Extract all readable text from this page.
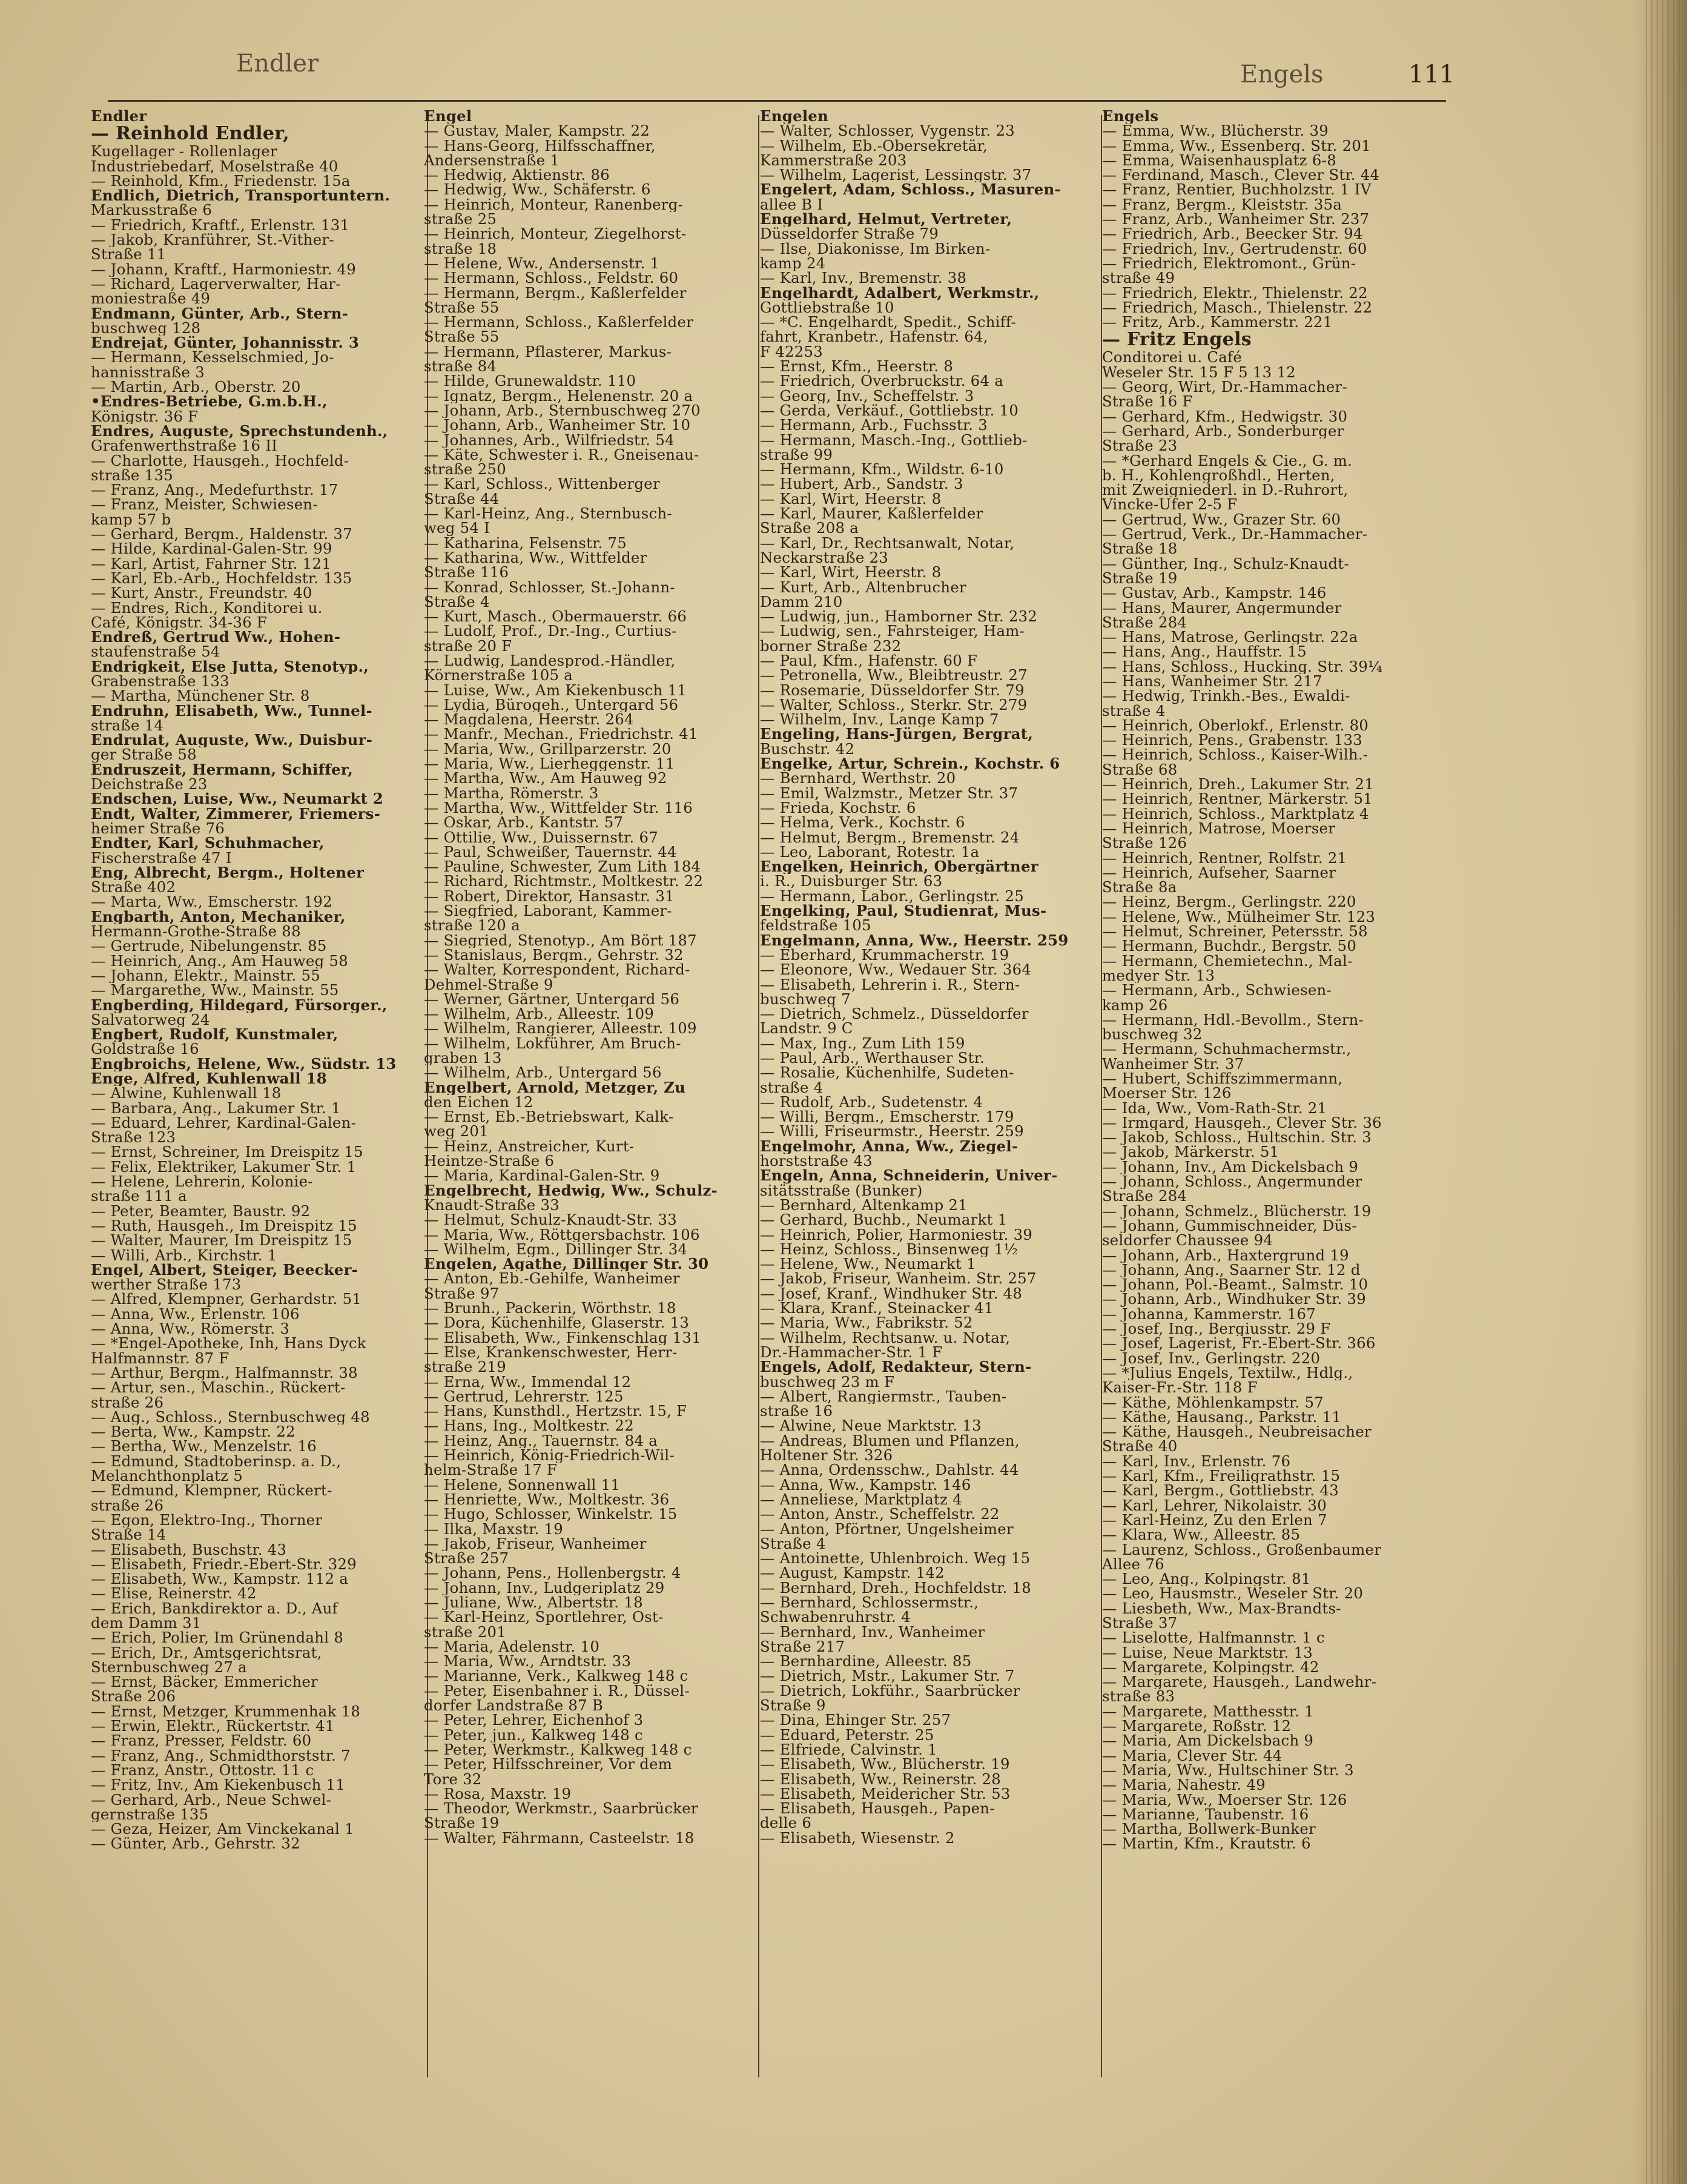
Endler	Engels	111
Endler
— Reinhold Endler,
Kugellager - Rollenlager
Industriebedarf, Moselstraße 40
— Reinhold, Kfm., Friedenstr. 15a
Endlich, Dietrich, Transportuntern.
Markusstraße 6
— Friedrich, Kraftf., Erlenstr. 131
— Jakob, Kranführer, St.-Vither-
Straße 11
— Johann, Kraftf., Harmoniestr. 49
— Richard, Lagerverwalter, Har-
moniestraße 49
Endmann, Günter, Arb., Stern-
buschweg 128
Endrejat, Günter, Johannisstr. 3
— Hermann, Kesselschmied, Jo-
hannisstraße 3
— Martin, Arb., Oberstr. 20
•Endres-Betriebe, G.m.b.H.,
Königstr. 36 F
Endres, Auguste, Sprechstundenh.,
Grafenwerthstraße 16 II
— Charlotte, Hausgeh., Hochfeld-
straße 135
— Franz, Ang., Medefurthstr. 17
— Franz, Meister, Schwiesen-
kamp 57 b
— Gerhard, Bergm., Haldenstr. 37
— Hilde, Kardinal-Galen-Str. 99
— Karl, Artist, Fahrner Str. 121
— Karl, Eb.-Arb., Hochfeldstr. 135
— Kurt, Anstr., Freundstr. 40
— Endres, Rich., Konditorei u.
Café, Königstr. 34-36 F
Endreß, Gertrud Ww., Hohen-
staufenstraße 54
Endrigkeit, Else Jutta, Stenotyp.,
Grabenstraße 133
— Martha, Münchener Str. 8
Endruhn, Elisabeth, Ww., Tunnel-
straße 14
Endrulat, Auguste, Ww., Duisbur-
ger Straße 58
Endruszeit, Hermann, Schiffer,
Deichstraße 23
Endschen, Luise, Ww., Neumarkt 2
Endt, Walter, Zimmerer, Friemers-
heimer Straße 76
Endter, Karl, Schuhmacher,
Fischerstraße 47 I
Eng, Albrecht, Bergm., Holtener
Straße 402
— Marta, Ww., Emscherstr. 192
Engbarth, Anton, Mechaniker,
Hermann-Grothe-Straße 88
— Gertrude, Nibelungenstr. 85
— Heinrich, Ang., Am Hauweg 58
— Johann, Elektr., Mainstr. 55
— Margarethe, Ww., Mainstr. 55
Engberding, Hildegard, Fürsorger.,
Salvatorweg 24
Engbert, Rudolf, Kunstmaler,
Goldstraße 16
Engbroichs, Helene, Ww., Südstr. 13
Enge, Alfred, Kuhlenwall 18
— Alwine, Kuhlenwall 18
— Barbara, Ang., Lakumer Str. 1
— Eduard, Lehrer, Kardinal-Galen-
Straße 123
— Ernst, Schreiner, Im Dreispitz 15
— Felix, Elektriker, Lakumer Str. 1
— Helene, Lehrerin, Kolonie-
straße 111 a
— Peter, Beamter, Baustr. 92
— Ruth, Hausgeh., Im Dreispitz 15
— Walter, Maurer, Im Dreispitz 15
— Willi, Arb., Kirchstr. 1
Engel, Albert, Steiger, Beecker-
werther Straße 173
— Alfred, Klempner, Gerhardstr. 51
— Anna, Ww., Erlenstr. 106
— Anna, Ww., Römerstr. 3
— *Engel-Apotheke, Inh, Hans Dyck
Halfmannstr. 87 F
— Arthur, Bergm., Halfmannstr. 38
— Artur, sen., Maschin., Rückert-
straße 26
— Aug., Schloss., Sternbuschweg 48
— Berta, Ww., Kampstr. 22
— Bertha, Ww., Menzelstr. 16
— Edmund, Stadtoberinsp. a. D.,
Melanchthonplatz 5
— Edmund, Klempner, Rückert-
straße 26
— Egon, Elektro-Ing., Thorner
Straße 14
— Elisabeth, Buschstr. 43
— Elisabeth, Friedr.-Ebert-Str. 329
— Elisabeth, Ww., Kampstr. 112 a
— Elise, Reinerstr. 42
— Erich, Bankdirektor a. D., Auf
dem Damm 31
— Erich, Polier, Im Grünendahl 8
— Erich, Dr., Amtsgerichtsrat,
Sternbuschweg 27 a
— Ernst, Bäcker, Emmericher
Straße 206
— Ernst, Metzger, Krummenhak 18
— Erwin, Elektr., Rückertstr. 41
— Franz, Presser, Feldstr. 60
— Franz, Ang., Schmidthorststr. 7
— Franz, Anstr., Ottostr. 11 c
— Fritz, Inv., Am Kiekenbusch 11
— Gerhard, Arb., Neue Schwel-
gernstraße 135
— Geza, Heizer, Am Vinckekanal 1
— Günter, Arb., Gehrstr. 32
Engel
— Gustav, Maler, Kampstr. 22
— Hans-Georg, Hilfsschaffner,
Andersenstraße 1
— Hedwig, Aktienstr. 86
— Hedwig, Ww., Schäferstr. 6
— Heinrich, Monteur, Ranenberg-
straße 25
— Heinrich, Monteur, Ziegelhorst-
straße 18
— Helene, Ww., Andersenstr. 1
— Hermann, Schloss., Feldstr. 60
— Hermann, Bergm., Kaßlerfelder
Straße 55
— Hermann, Schloss., Kaßlerfelder
Straße 55
— Hermann, Pflasterer, Markus-
straße 84
— Hilde, Grunewaldstr. 110
— Ignatz, Bergm., Helenenstr. 20 a
— Johann, Arb., Sternbuschweg 270
— Johann, Arb., Wanheimer Str. 10
— Johannes, Arb., Wilfriedstr. 54
— Käte, Schwester i. R., Gneisenau-
straße 250
— Karl, Schloss., Wittenberger
Straße 44
— Karl-Heinz, Ang., Sternbusch-
weg 54 I
— Katharina, Felsenstr. 75
— Katharina, Ww., Wittfelder
Straße 116
— Konrad, Schlosser, St.-Johann-
Straße 4
— Kurt, Masch., Obermauerstr. 66
— Ludolf, Prof., Dr.-Ing., Curtius-
straße 20 F
— Ludwig, Landesprod.-Händler,
Körnerstraße 105 a
— Luise, Ww., Am Kiekenbusch 11
— Lydia, Bürogeh., Untergard 56
— Magdalena, Heerstr. 264
— Manfr., Mechan., Friedrichstr. 41
— Maria, Ww., Grillparzerstr. 20
— Maria, Ww., Lierheggenstr. 11
— Martha, Ww., Am Hauweg 92
— Martha, Römerstr. 3
— Martha, Ww., Wittfelder Str. 116
— Oskar, Arb., Kantstr. 57
— Ottilie, Ww., Duissernstr. 67
— Paul, Schweißer, Tauernstr. 44
— Pauline, Schwester, Zum Lith 184
— Richard, Richtmstr., Moltkestr. 22
— Robert, Direktor, Hansastr. 31
— Siegfried, Laborant, Kammer-
straße 120 a
— Siegried, Stenotyp., Am Bört 187
— Stanislaus, Bergm., Gehrstr. 32
— Walter, Korrespondent, Richard-
Dehmel-Straße 9
— Werner, Gärtner, Untergard 56
— Wilhelm, Arb., Alleestr. 109
— Wilhelm, Rangierer, Alleestr. 109
— Wilhelm, Lokführer, Am Bruch-
graben 13
— Wilhelm, Arb., Untergard 56
Engelbert, Arnold, Metzger, Zu
den Eichen 12
— Ernst, Eb.-Betriebswart, Kalk-
weg 201
— Heinz, Anstreicher, Kurt-
Heintze-Straße 6
— Maria, Kardinal-Galen-Str. 9
Engelbrecht, Hedwig, Ww., Schulz-
Knaudt-Straße 33
— Helmut, Schulz-Knaudt-Str. 33
— Maria, Ww., Röttgersbachstr. 106
— Wilhelm, Egm., Dillinger Str. 34
Engelen, Agathe, Dillinger Str. 30
— Anton, Eb.-Gehilfe, Wanheimer
Straße 97
— Brunh., Packerin, Wörthstr. 18
— Dora, Küchenhilfe, Glaserstr. 13
— Elisabeth, Ww., Finkenschlag 131
— Else, Krankenschwester, Herr-
straße 219
— Erna, Ww., Immendal 12
— Gertrud, Lehrerstr. 125
— Hans, Kunsthdl., Hertzstr. 15, F
— Hans, Ing., Moltkestr. 22
— Heinz, Ang., Tauernstr. 84 a
— Heinrich, König-Friedrich-Wil-
helm-Straße 17 F
— Helene, Sonnenwall 11
— Henriette, Ww., Moltkestr. 36
— Hugo, Schlosser, Winkelstr. 15
— Ilka, Maxstr. 19
— Jakob, Friseur, Wanheimer
Straße 257
— Johann, Pens., Hollenbergstr. 4
— Johann, Inv., Ludgeriplatz 29
— Juliane, Ww., Albertstr. 18
— Karl-Heinz, Sportlehrer, Ost-
straße 201
— Maria, Adelenstr. 10
— Maria, Ww., Arndtstr. 33
— Marianne, Verk., Kalkweg 148 c
— Peter, Eisenbahner i. R., Düssel-
dorfer Landstraße 87 B
— Peter, Lehrer, Eichenhof 3
— Peter, jun., Kalkweg 148 c
— Peter, Werkmstr., Kalkweg 148 c
— Peter, Hilfsschreiner, Vor dem
Tore 32
— Rosa, Maxstr. 19
— Theodor, Werkmstr., Saarbrücker
Straße 19
— Walter, Fährmann, Casteelstr. 18
Engelen
— Walter, Schlosser, Vygenstr. 23
— Wilhelm, Eb.-Obersekretär,
Kammerstraße 203
— Wilhelm, Lagerist, Lessingstr. 37
Engelert, Adam, Schloss., Masuren-
allee B I
Engelhard, Helmut, Vertreter,
Düsseldorfer Straße 79
— Ilse, Diakonisse, Im Birken-
kamp 24
— Karl, Inv., Bremenstr. 38
Engelhardt, Adalbert, Werkmstr.,
Gottliebstraße 10
— *C. Engelhardt, Spedit., Schiff-
fahrt, Kranbetr., Hafenstr. 64,
F 42253
— Ernst, Kfm., Heerstr. 8
— Friedrich, Overbruckstr. 64 a
— Georg, Inv., Scheffelstr. 3
— Gerda, Verkäuf., Gottliebstr. 10
— Hermann, Arb., Fuchsstr. 3
— Hermann, Masch.-Ing., Gottlieb-
straße 99
— Hermann, Kfm., Wildstr. 6-10
— Hubert, Arb., Sandstr. 3
— Karl, Wirt, Heerstr. 8
— Karl, Maurer, Kaßlerfelder
Straße 208 a
— Karl, Dr., Rechtsanwalt, Notar,
Neckarstraße 23
— Karl, Wirt, Heerstr. 8
— Kurt, Arb., Altenbrucher
Damm 210
— Ludwig, jun., Hamborner Str. 232
— Ludwig, sen., Fahrsteiger, Ham-
borner Straße 232
— Paul, Kfm., Hafenstr. 60 F
— Petronella, Ww., Bleibtreustr. 27
— Rosemarie, Düsseldorfer Str. 79
— Walter, Schloss., Sterkr. Str. 279
— Wilhelm, Inv., Lange Kamp 7
Engeling, Hans-Jürgen, Bergrat,
Buschstr. 42
Engelke, Artur, Schrein., Kochstr. 6
— Bernhard, Werthstr. 20
— Emil, Walzmstr., Metzer Str. 37
— Frieda, Kochstr. 6
— Helma, Verk., Kochstr. 6
— Helmut, Bergm., Bremenstr. 24
— Leo, Laborant, Rotestr. 1a
Engelken, Heinrich, Obergärtner
i. R., Duisburger Str. 63
— Hermann, Labor., Gerlingstr. 25
Engelking, Paul, Studienrat, Mus-
feldstraße 105
Engelmann, Anna, Ww., Heerstr. 259
— Eberhard, Krummacherstr. 19
— Eleonore, Ww., Wedauer Str. 364
— Elisabeth, Lehrerin i. R., Stern-
buschweg 7
— Dietrich, Schmelz., Düsseldorfer
Landstr. 9 C
— Max, Ing., Zum Lith 159
— Paul, Arb., Werthauser Str.
— Rosalie, Küchenhilfe, Sudeten-
straße 4
— Rudolf, Arb., Sudetenstr. 4
— Willi, Bergm., Emscherstr. 179
— Willi, Friseurmstr., Heerstr. 259
Engelmohr, Anna, Ww., Ziegel-
horststraße 43
Engeln, Anna, Schneiderin, Univer-
sitätsstraße (Bunker)
— Bernhard, Altenkamp 21
— Gerhard, Buchb., Neumarkt 1
— Heinrich, Polier, Harmoniestr. 39
— Heinz, Schloss., Binsenweg 1½
— Helene, Ww., Neumarkt 1
— Jakob, Friseur, Wanheim. Str. 257
— Josef, Kranf., Windhuker Str. 48
— Klara, Kranf., Steinacker 41
— Maria, Ww., Fabrikstr. 52
— Wilhelm, Rechtsanw. u. Notar,
Dr.-Hammacher-Str. 1 F
Engels, Adolf, Redakteur, Stern-
buschweg 23 m F
— Albert, Rangiermstr., Tauben-
straße 16
— Alwine, Neue Marktstr. 13
— Andreas, Blumen und Pflanzen,
Holtener Str. 326
— Anna, Ordensschw., Dahlstr. 44
— Anna, Ww., Kampstr. 146
— Anneliese, Marktplatz 4
— Anton, Anstr., Scheffelstr. 22
— Anton, Pförtner, Ungelsheimer
Straße 4
— Antoinette, Uhlenbroich. Weg 15
— August, Kampstr. 142
— Bernhard, Dreh., Hochfeldstr. 18
— Bernhard, Schlossermstr.,
Schwabenruhrstr. 4
— Bernhard, Inv., Wanheimer
Straße 217
— Bernhardine, Alleestr. 85
— Dietrich, Mstr., Lakumer Str. 7
— Dietrich, Lokführ., Saarbrücker
Straße 9
— Dina, Ehinger Str. 257
— Eduard, Peterstr. 25
— Elfriede, Calvinstr. 1
— Elisabeth, Ww., Blücherstr. 19
— Elisabeth, Ww., Reinerstr. 28
— Elisabeth, Meidericher Str. 53
— Elisabeth, Hausgeh., Papen-
delle 6
— Elisabeth, Wiesenstr. 2
Engels
— Emma, Ww., Blücherstr. 39
— Emma, Ww., Essenberg. Str. 201
— Emma, Waisenhausplatz 6-8
— Ferdinand, Masch., Clever Str. 44
— Franz, Rentier, Buchholzstr. 1 IV
— Franz, Bergm., Kleiststr. 35a
— Franz, Arb., Wanheimer Str. 237
— Friedrich, Arb., Beecker Str. 94
— Friedrich, Inv., Gertrudenstr. 60
— Friedrich, Elektromont., Grün-
straße 49
— Friedrich, Elektr., Thielenstr. 22
— Friedrich, Masch., Thielenstr. 22
— Fritz, Arb., Kammerstr. 221
— Fritz Engels
Conditorei u. Café
Weseler Str. 15 F 5 13 12
— Georg, Wirt, Dr.-Hammacher-
Straße 16 F
— Gerhard, Kfm., Hedwigstr. 30
— Gerhard, Arb., Sonderburger
Straße 23
— *Gerhard Engels & Cie., G. m.
b. H., Kohlengroßhdl., Herten,
mit Zweigniederl. in D.-Ruhrort,
Vincke-Ufer 2-5 F
— Gertrud, Ww., Grazer Str. 60
— Gertrud, Verk., Dr.-Hammacher-
Straße 18
— Günther, Ing., Schulz-Knaudt-
Straße 19
— Gustav, Arb., Kampstr. 146
— Hans, Maurer, Angermunder
Straße 284
— Hans, Matrose, Gerlingstr. 22a
— Hans, Ang., Hauffstr. 15
— Hans, Schloss., Hucking. Str. 39¼
— Hans, Wanheimer Str. 217
— Hedwig, Trinkh.-Bes., Ewaldi-
straße 4
— Heinrich, Oberlokf., Erlenstr. 80
— Heinrich, Pens., Grabenstr. 133
— Heinrich, Schloss., Kaiser-Wilh.-
Straße 68
— Heinrich, Dreh., Lakumer Str. 21
— Heinrich, Rentner, Märkerstr. 51
— Heinrich, Schloss., Marktplatz 4
— Heinrich, Matrose, Moerser
Straße 126
— Heinrich, Rentner, Rolfstr. 21
— Heinrich, Aufseher, Saarner
Straße 8a
— Heinz, Bergm., Gerlingstr. 220
— Helene, Ww., Mülheimer Str. 123
— Helmut, Schreiner, Petersstr. 58
— Hermann, Buchdr., Bergstr. 50
— Hermann, Chemietechn., Mal-
medyer Str. 13
— Hermann, Arb., Schwiesen-
kamp 26
— Hermann, Hdl.-Bevollm., Stern-
buschweg 32
— Hermann, Schuhmachermstr.,
Wanheimer Str. 37
— Hubert, Schiffszimmermann,
Moerser Str. 126
— Ida, Ww., Vom-Rath-Str. 21
— Irmgard, Hausgeh., Clever Str. 36
— Jakob, Schloss., Hultschin. Str. 3
— Jakob, Märkerstr. 51
— Johann, Inv., Am Dickelsbach 9
— Johann, Schloss., Angermunder
Straße 284
— Johann, Schmelz., Blücherstr. 19
— Johann, Gummischneider, Düs-
seldorfer Chaussee 94
— Johann, Arb., Haxtergrund 19
— Johann, Ang., Saarner Str. 12 d
— Johann, Pol.-Beamt., Salmstr. 10
— Johann, Arb., Windhuker Str. 39
— Johanna, Kammerstr. 167
— Josef, Ing., Bergiusstr. 29 F
— Josef, Lagerist, Fr.-Ebert-Str. 366
— Josef, Inv., Gerlingstr. 220
— *Julius Engels, Textilw., Hdlg.,
Kaiser-Fr.-Str. 118 F
— Käthe, Möhlenkampstr. 57
— Käthe, Hausang., Parkstr. 11
— Käthe, Hausgeh., Neubreisacher
Straße 40
— Karl, Inv., Erlenstr. 76
— Karl, Kfm., Freiligrathstr. 15
— Karl, Bergm., Gottliebstr. 43
— Karl, Lehrer, Nikolaistr. 30
— Karl-Heinz, Zu den Erlen 7
— Klara, Ww., Alleestr. 85
— Laurenz, Schloss., Großenbaumer
Allee 76
— Leo, Ang., Kolpingstr. 81
— Leo, Hausmstr., Weseler Str. 20
— Liesbeth, Ww., Max-Brandts-
Straße 37
— Liselotte, Halfmannstr. 1 c
— Luise, Neue Marktstr. 13
— Margarete, Kolpingstr. 42
— Margarete, Hausgeh., Landwehr-
straße 83
— Margarete, Matthesstr. 1
— Margarete, Roßstr. 12
— Maria, Am Dickelsbach 9
— Maria, Clever Str. 44
— Maria, Ww., Hultschiner Str. 3
— Maria, Nahestr. 49
— Maria, Ww., Moerser Str. 126
— Marianne, Taubenstr. 16
— Martha, Bollwerk-Bunker
— Martin, Kfm., Krautstr. 6
